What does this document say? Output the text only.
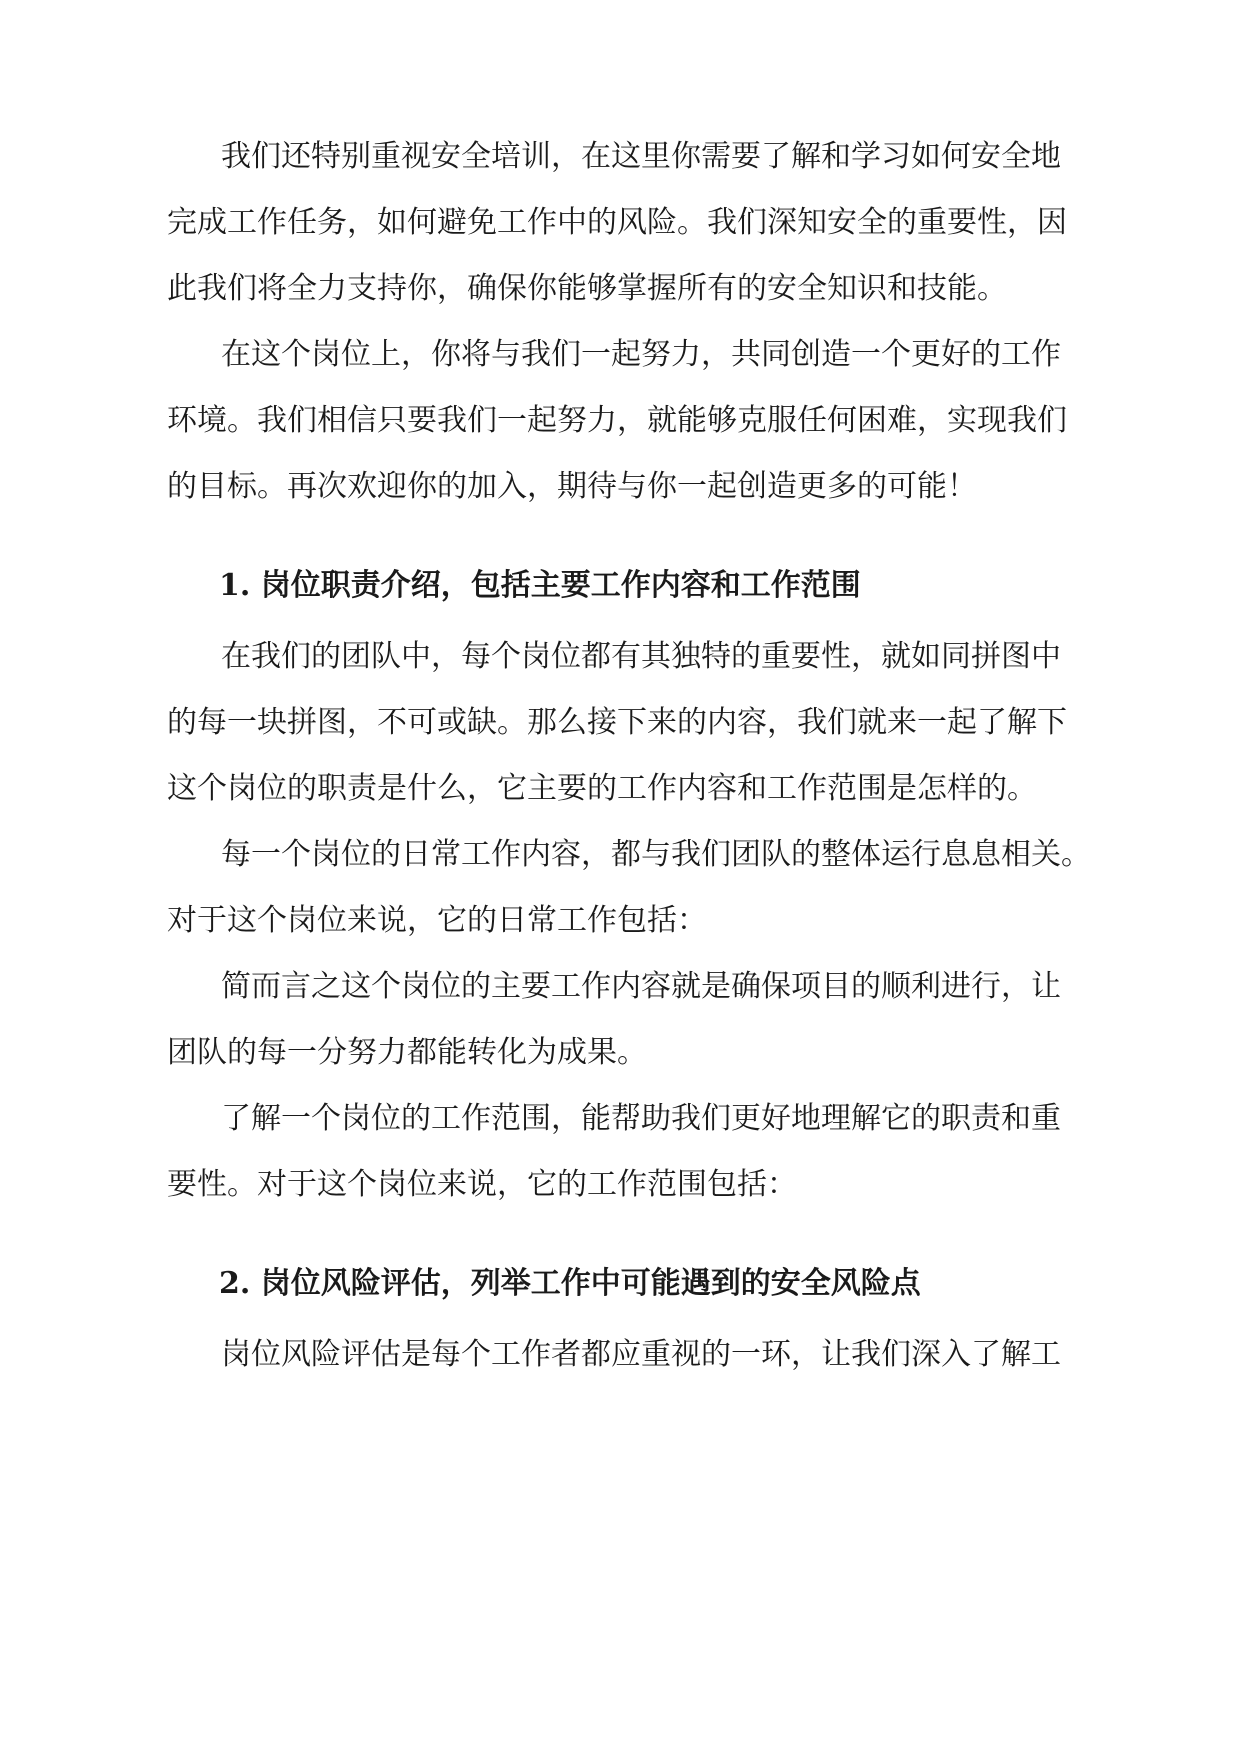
我们还特别重视安全培训，在这里你需要了解和学习如何安全地
完成工作任务，如何避免工作中的风险。我们深知安全的重要性，因
此我们将全力支持你，确保你能够掌握所有的安全知识和技能。
在这个岗位上，你将与我们一起努力，共同创造一个更好的工作
环境。我们相信只要我们一起努力，就能够克服任何困难，实现我们
的目标。再次欢迎你的加入，期待与你一起创造更多的可能！
1. 岗位职责介绍，包括主要工作内容和工作范围
在我们的团队中，每个岗位都有其独特的重要性，就如同拼图中
的每一块拼图，不可或缺。那么接下来的内容，我们就来一起了解下
这个岗位的职责是什么，它主要的工作内容和工作范围是怎样的。
每一个岗位的日常工作内容，都与我们团队的整体运行息息相关。
对于这个岗位来说，它的日常工作包括：
简而言之这个岗位的主要工作内容就是确保项目的顺利进行，让
团队的每一分努力都能转化为成果。
了解一个岗位的工作范围，能帮助我们更好地理解它的职责和重
要性。对于这个岗位来说，它的工作范围包括：
2. 岗位风险评估，列举工作中可能遇到的安全风险点
岗位风险评估是每个工作者都应重视的一环，让我们深入了解工
